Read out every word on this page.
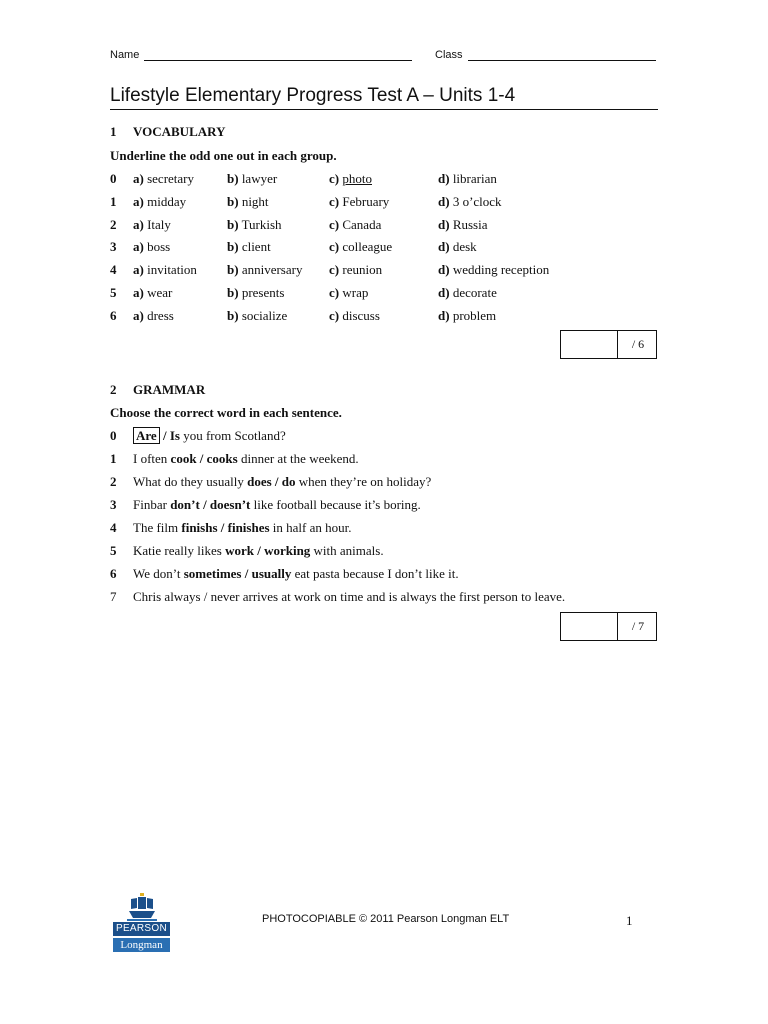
Name	Class
Lifestyle Elementary Progress Test A – Units 1-4
1 VOCABULARY
Underline the odd one out in each group.
0 a) secretary	b) lawyer	c) photo	d) librarian
1 a) midday	b) night	c) February	d) 3 o’clock
2 a) Italy	b) Turkish	c) Canada	d) Russia
3 a) boss	b) client	c) colleague	d) desk
4 a) invitation b) anniversary c) reunion	d) wedding reception
5 a) wear	b) presents	c) wrap	d) decorate
6 a) dress	b) socialize	c) discuss	d) problem
/ 6
2 GRAMMAR
Choose the correct word in each sentence.
0 Are / Is you from Scotland?
1 I often cook / cooks dinner at the weekend.
2 What do they usually does / do when they’re on holiday?
3 Finbar don’t / doesn’t like football because it’s boring.
4 The film finishs / finishes in half an hour.
5 Katie really likes work / working with animals.
6 We don’t sometimes / usually eat pasta because I don’t like it.
7 Chris always / never arrives at work on time and is always the first person to leave.
/ 7
PEARSON
Longman
PHOTOCOPIABLE © 2011 Pearson Longman ELT	1
